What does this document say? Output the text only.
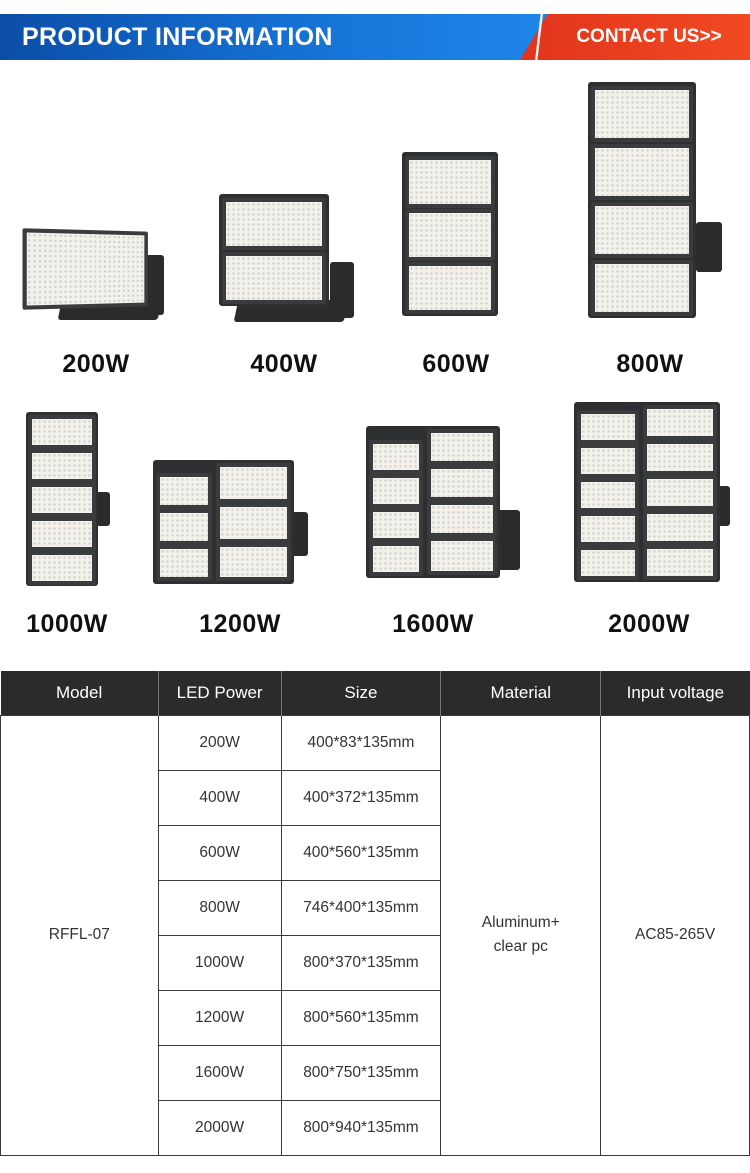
PRODUCT INFORMATION	CONTACT US>>
200W	400W	600W	800W
1000W	1200W	1600W	2000W
Model	LED Power	Size	Material	Input voltage
RFFL-07	200W	400*83*135mm	Aluminum+ clear pc	AC85-265V
	400W	400*372*135mm		
	600W	400*560*135mm		
	800W	746*400*135mm		
	1000W	800*370*135mm		
	1200W	800*560*135mm		
	1600W	800*750*135mm		
	2000W	800*940*135mm		
